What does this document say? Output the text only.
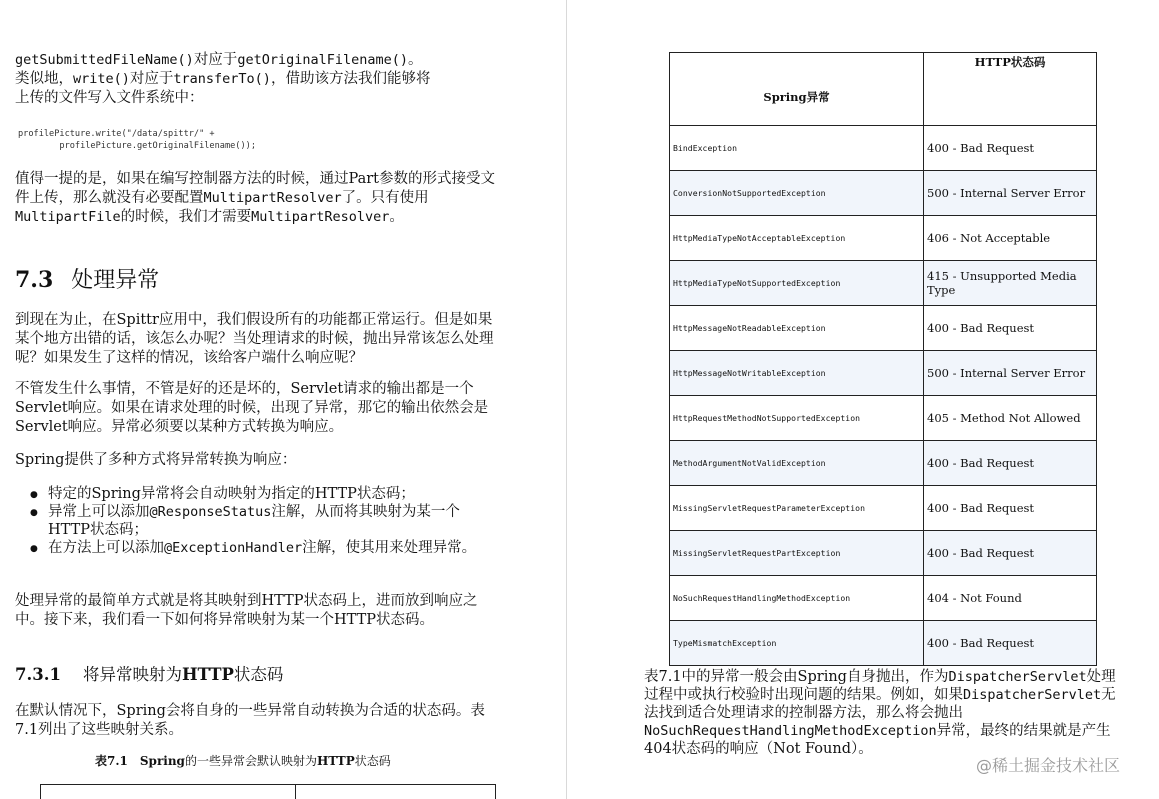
getSubmittedFileName()对应于getOriginalFilename()。
类似地，write()对应于transferTo()，借助该方法我们能够将
上传的文件写入文件系统中：

profilePicture.write("/data/spittr/" +
profilePicture.getOriginalFilename());

值得一提的是，如果在编写控制器方法的时候，通过Part参数的形式接受文件上传，那么就没有必要配置MultipartResolver了。只有使用MultipartFile的时候，我们才需要MultipartResolver。

7.3 处理异常

到现在为止，在Spittr应用中，我们假设所有的功能都正常运行。但是如果某个地方出错的话，该怎么办呢？当处理请求的时候，抛出异常该怎么处理呢？如果发生了这样的情况，该给客户端什么响应呢？

不管发生什么事情，不管是好的还是坏的，Servlet请求的输出都是一个Servlet响应。如果在请求处理的时候，出现了异常，那它的输出依然会是Servlet响应。异常必须要以某种方式转换为响应。

Spring提供了多种方式将异常转换为响应：

● 特定的Spring异常将会自动映射为指定的HTTP状态码；
● 异常上可以添加@ResponseStatus注解，从而将其映射为某一个HTTP状态码；
● 在方法上可以添加@ExceptionHandler注解，使其用来处理异常。

处理异常的最简单方式就是将其映射到HTTP状态码上，进而放到响应之中。接下来，我们看一下如何将异常映射为某一个HTTP状态码。

7.3.1 将异常映射为HTTP状态码

在默认情况下，Spring会将自身的一些异常自动转换为合适的状态码。表7.1列出了这些映射关系。

表7.1 Spring的一些异常会默认映射为HTTP状态码
Spring异常	HTTP状态码
BindException	400 - Bad Request
ConversionNotSupportedException	500 - Internal Server Error
HttpMediaTypeNotAcceptableException	406 - Not Acceptable
HttpMediaTypeNotSupportedException	415 - Unsupported Media Type
HttpMessageNotReadableException	400 - Bad Request
HttpMessageNotWritableException	500 - Internal Server Error
HttpRequestMethodNotSupportedException	405 - Method Not Allowed
MethodArgumentNotValidException	400 - Bad Request
MissingServletRequestParameterException	400 - Bad Request
MissingServletRequestPartException	400 - Bad Request
NoSuchRequestHandlingMethodException	404 - Not Found
TypeMismatchException	400 - Bad Request

表7.1中的异常一般会由Spring自身抛出，作为DispatcherServlet处理过程中或执行校验时出现问题的结果。例如，如果DispatcherServlet无法找到适合处理请求的控制器方法，那么将会抛出NoSuchRequestHandlingMethodException异常，最终的结果就是产生404状态码的响应（Not Found）。

@稀土掘金技术社区
